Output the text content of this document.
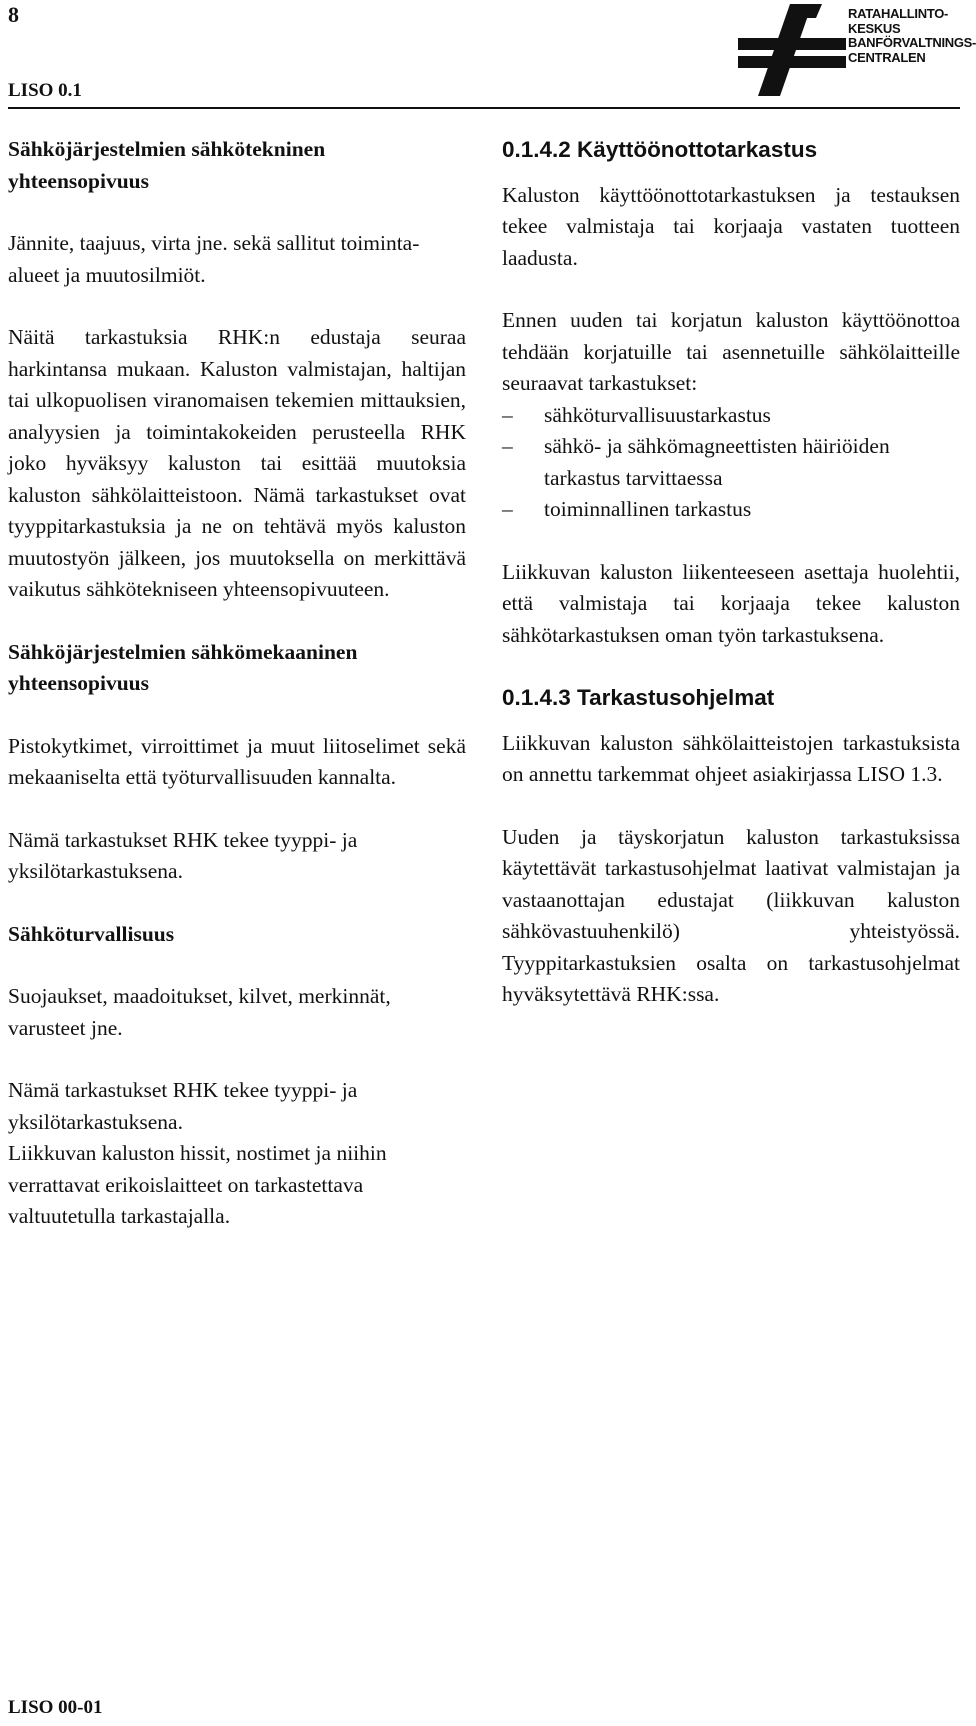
8
LISO 0.1
RATAHALLINTO-
KESKUS
BANFÖRVALTNINGS-
CENTRALEN

Sähköjärjestelmien sähkötekninen yhteensopivuus

Jännite, taajuus, virta jne. sekä sallitut toiminta-alueet ja muutosilmiöt.

Näitä tarkastuksia RHK:n edustaja seuraa harkintansa mukaan. Kaluston valmistajan, haltijan tai ulkopuolisen viranomaisen tekemien mittauksien, analyysien ja toimintakokeiden perusteella RHK joko hyväksyy kaluston tai esittää muutoksia kaluston sähkölaitteistoon. Nämä tarkastukset ovat tyyppitarkastuksia ja ne on tehtävä myös kaluston muutostyön jälkeen, jos muutoksella on merkittävä vaikutus sähkötekniseen yhteensopivuuteen.

Sähköjärjestelmien sähkömekaaninen yhteensopivuus

Pistokytkimet, virroittimet ja muut liitoselimet sekä mekaaniselta että työturvallisuuden kannalta.

Nämä tarkastukset RHK tekee tyyppi- ja yksilötarkastuksena.

Sähköturvallisuus

Suojaukset, maadoitukset, kilvet, merkinnät, varusteet jne.

Nämä tarkastukset RHK tekee tyyppi- ja yksilötarkastuksena.

Liikkuvan kaluston hissit, nostimet ja niihin verrattavat erikoislaitteet on tarkastettava valtuutetulla tarkastajalla.

0.1.4.2 Käyttöönottotarkastus

Kaluston käyttöönottotarkastuksen ja testauksen tekee valmistaja tai korjaaja vastaten tuotteen laadusta.

Ennen uuden tai korjatun kaluston käyttöönottoa tehdään korjatuille tai asennetuille sähkölaitteille seuraavat tarkastukset:

– sähköturvallisuustarkastus
– sähkö- ja sähkömagneettisten häiriöiden tarkastus tarvittaessa
– toiminnallinen tarkastus

Liikkuvan kaluston liikenteeseen asettaja huolehtii, että valmistaja tai korjaaja tekee kaluston sähkötarkastuksen oman työn tarkastuksena.

0.1.4.3 Tarkastusohjelmat

Liikkuvan kaluston sähkölaitteistojen tarkastuksista on annettu tarkemmat ohjeet asiakirjassa LISO 1.3.

Uuden ja täyskorjatun kaluston tarkastuksissa käytettävät tarkastusohjelmat laativat valmistajan ja vastaanottajan edustajat (liikkuvan kaluston sähkövastuuhenkilö) yhteistyössä. Tyyppitarkastuksien osalta on tarkastusohjelmat hyväksytettävä RHK:ssa.

LISO 00-01
